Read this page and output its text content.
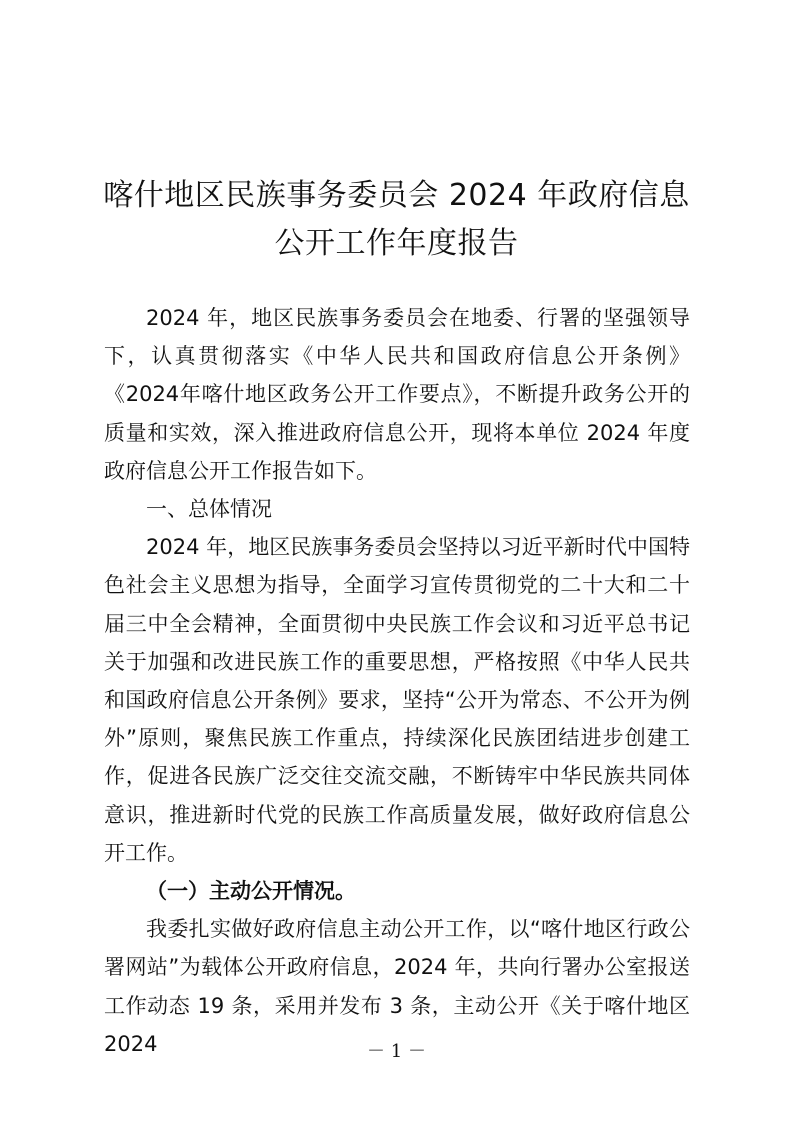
喀什地区民族事务委员会 2024 年政府信息
公开工作年度报告

2024 年，地区民族事务委员会在地委、行署的坚强领导下，认真贯彻落实《中华人民共和国政府信息公开条例》 《2024年喀什地区政务公开工作要点》，不断提升政务公开的质量和实效，深入推进政府信息公开，现将本单位 2024 年度政府信息公开工作报告如下。

一、总体情况

2024 年，地区民族事务委员会坚持以习近平新时代中国特色社会主义思想为指导，全面学习宣传贯彻党的二十大和二十届三中全会精神，全面贯彻中央民族工作会议和习近平总书记关于加强和改进民族工作的重要思想，严格按照《中华人民共和国政府信息公开条例》要求，坚持“公开为常态、不公开为例外”原则，聚焦民族工作重点，持续深化民族团结进步创建工作，促进各民族广泛交往交流交融，不断铸牢中华民族共同体意识，推进新时代党的民族工作高质量发展，做好政府信息公开工作。

（一）主动公开情况。

我委扎实做好政府信息主动公开工作，以“喀什地区行政公署网站”为载体公开政府信息，2024 年，共向行署办公室报送工作动态 19 条，采用并发布 3 条，主动公开《关于喀什地区 2024	－ 1 －
